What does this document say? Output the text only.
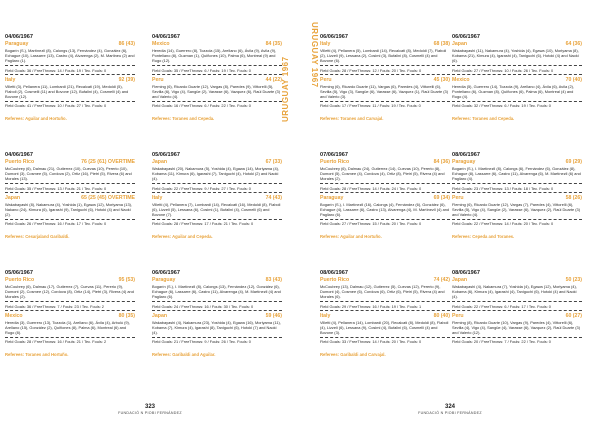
URUGUAY 1967
04/06/1967
Paraguay	86 (43)
Bogarín (S.), Martínezll (8), Calongs (13), Fernández (4), González (6), Echague (10), Lassarre (13), Castro (4), Alvarenga (2), M. Martineu (2) and Pagliaro (1).
Field Goals: 36 / FreeThrows: 14 / Fouls: 19 / Tec. Fouls: 0
Italy	92 (39)
Villetti (3), Pellanera (11), Lombardi (21), Recalcati (19), Medoldi (5), Flaboli (2), Cosmelli (11) and Bovone (12), Bufalini (4), Cosmelli (4) and Bovone (12).
Field Goals: 41 / FreeThrows: 10 / Fouls: 27 / Tec. Fouls: 0
Referees: Aguilar and Hortuño.
04/06/1967
Puerto Rico	76 (25 (61) OVERTIME
McCoubrey (6), Dalmau (21), Gutierrez (10), Cuevas (10), Pererio (10), Dumont (3), Cosmee (5), Cordova (2), Ortiz (16), Pietri (5), Rivera (6) and Morales (13).
Field Goals: 35 / FreeThrows: 13 / Fouls: 21 / Tec. Fouls: 0
Japan	65 (25 (45) OVERTIME
Wakabayashi (8), Nakamura (4), Yoshida (1), Egawa (12), Moriyama (13), Nakano (24), Kimura (6), Igarashi (9), Taniguchi (6), Hotoki (4) and Naoki (2).
Field Goals: 26 / FreeThrows: 16 / Fouls: 17 / Tec. Fouls: 0
Referees: Cesarjaland Garibaldi.
05/06/1967
Puerto Rico	95 (53)
McCoubrey (6), Dalmau (17), Gutierrez (7), Cuevas (11), Pererio (9), Dumont (2), Cosmee (12), Cordova (8), Ortiz (14), Pietri (3), Rivera (4) and Morales (2).
Field Goals: 36 / FreeThrows: 7 / Fouls: 23 / Tec. Fouls: 2
Mexico	80 (35)
Heredia (3), Guerrero (13), Tozzola (1), Arellano (6), Ávila (4), Arbulú (9), Arellano (15), González (2), Quiñones (8), Palma (6), Montreal (6) and Rugo (8).
Field Goals: 28 / FreeThrows: 16 / Fouls: 21 / Tec. Fouls: 2
Referees: Toranes and Hortuño.
04/06/1967
Mexico	84 (35)
Heredia (14), Guerrero (8), Tozzola (15), Arellano (6), Ávila (9), Avila (9), Ponteliano (8), Guzman (1), Quiñones (10), Palma (6), Montreal (9) and Rugo (12).
Field Goals: 35 / FreeThrows: 6 / Fouls: 19 / Tec. Fouls: 0
Peru	44 (22)
Fleming (6), Ricardo Duarte (12), Vargas (8), Paredes (9), Vittorelli (5), Sevilla (6), Vigo (4), Sangüe (2), Varasse (6), Vazquez (6), Raúl Duarte (3) and Valerio (4).
Field Goals: 16 / FreeThrows: 6 / Fouls: 22 / Tec. Fouls: 0
Referees: Toranes and Cepeda.
05/06/1967
Japan	67 (33)
Wakabayashi (20), Nakamura (5), Yoshida (4), Egawa (14), Moriyama (4), Kobama (11), Kimura (6), Igarashi (7), Taniguchi (4), Hotoki (2) and Naoki (4).
Field Goals: 22 / FreeThrows: 9 / Fouls: 27 / Tec. Fouls: 0
Italy	74 (43)
Villetti (4), Pellanera (7), Lombardi (14), Recalcati (16), Medoldi (8), Flaboli (6), Lizzeli (5), Lessana (6), Cosimi (1), Bufalini (4), Cosmelli (6) and Bovone (7).
Field Goals: 28 / FreeThrows: 17 / Fouls: 21 / Tec. Fouls: 0
Referees: Aguilar and Cepeda.
06/06/1967
Paraguay	83 (43)
Bogarín (S.), I. Martínezll (8), Calongs (13), Fernández (12), González (6), Echague (6), Lassarre (6), Castro (11), Alvarenga (4), M. Martínezll (4) and Pagliaro (6).
Field Goals: 24 / FreeThrows: 16 / Fouls: 30 / Tec. Fouls: 0
Japan	59 (46)
Wakabayashi (4), Nakamura (23), Yoshida (4), Egawa (16), Moriyama (11), Kobama (7), Kimura (4), Igarashi (8), Taniguchi (6), Hotoki (7) and Naoki (4).
Field Goals: 21 / FreeThrows: 9 / Fouls: 26 / Tec. Fouls: 0
Referees: Garibaldi and Aguilar.
323
FUNDACIÓ N PIOBI FERNÁNDEZ
URUGUAY 1967 06/06/1967
Italy	68 (38)
Villetti (4), Pellanera (5), Lombardi (14), Recalcati (8), Medoldi (7), Flaboli (2), Lizzeli (9), Lessana (2), Cosimi (3), Bufalini (8), Cosmelli (4) and Bovone (6).
Field Goals: 28 / FreeThrows: 12 / Fouls: 20 / Tec. Fouls: 0
Peru	45 (30)
Fleming (6), Ricardo Duarte (11), Vargas (6), Paredes (4), Vittorelli (6), Sevilla (5), Vigo (3), Sangüe (6), Varasse (6), Vazquez (1), Raúl Duarte (3) and Valerio (3).
Field Goals: 17 / FreeThrows: 11 / Fouls: 19 / Tec. Fouls: 0
Referees: Toranes and Carvajal.
07/06/1967
Puerto Rico	84 (36)
McCoubrey (6), Dalmau (24), Gutierrez (14), Cuevas (10), Pererio (8), Dumont (5), Cosmee (4), Cordova (4), Ortiz (8), Pietri (5), Rivera (4) and Morales (2).
Field Goals: 28 / FreeThrows: 14 / Fouls: 24 / Tec. Fouls: 0
Paraguay	69 (34)
Bogarín (S.), I. Martínezll (16), Calongs (4), Fernández (6), González (6), Echague (4), Lassarre (6), Castro (13), Alvarenga (4), M. Martínezll (4) and Pagliaro (6).
Field Goals: 27 / FreeThrows: 15 / Fouls: 20 / Tec. Fouls: 0
Referees: Aguilar and Hortuño.
08/06/1967
Puerto Rico	74 (42)
McCoubrey (13), Dalmau (12), Gutierrez (5), Cuevas (12), Pererio (9), Dumont (4), Cosmee (6), Cordova (6), Ortiz (6), Pietri (5), Rivera (4) and Morales (6).
Field Goals: 29 / FreeThrows: 16 / Fouls: 19 / Tec. Fouls: 1
Italy	80 (40)
Villetti (4), Pellanera (14), Lombardi (20), Recalcati (8), Medoldi (8), Flaboli (4), Lizzeli (6), Lessana (9), Cosimi (4), Bufalini (6), Cosmelli (4) and Bovone (3).
Field Goals: 33 / FreeThrows: 14 / Fouls: 20 / Tec. Fouls: 0
Referees: Garibaldi and Carvajal.
06/06/1967
Japan	64 (36)
Wakabayashi (11), Nakamura (4), Yoshida (4), Egawa (10), Moriyama (8), Kobama (21), Kimura (4), Igarashi (4), Taniguchi (6), Hotoki (4) and Naoki (6).
Field Goals: 27 / FreeThrows: 10 / Fouls: 26 / Tec. Fouls: 0
Mexico	70 (40)
Heredia (5), Guerrero (14), Tozzola (9), Arellano (4), Ávila (6), Avila (2), Ponteliano (6), Guzman (8), Quiñones (6), Palma (6), Montreal (4) and Rugo (4).
Field Goals: 32 / FreeThrows: 6 / Fouls: 19 / Tec. Fouls: 0
Referees: Toranes and Cepeda.
08/06/1967
Paraguay	69 (29)
Bogarín (S.), I. Martínezll (8), Calongs (6), Fernández (6), González (8), Echague (8), Lassarre (6), Castro (11), Alvarenga (6), M. Martínezll (6) and Pagliaro (4).
Field Goals: 23 / FreeThrows: 13 / Fouls: 18 / Tec. Fouls: 0
Peru	58 (26)
Fleming (6), Ricardo Duarte (12), Vargas (7), Paredes (4), Vittorelli (6), Sevilla (5), Vigo (4), Sangüe (2), Varasse (6), Vazquez (2), Raúl Duarte (3) and Valerio (4).
Field Goals: 22 / FreeThrows: 14 / Fouls: 20 / Tec. Fouls: 0
Referees: Cepeda and Toranes.
08/06/1967
Japan	50 (23)
Wakabayashi (4), Nakamura (7), Yoshida (4), Egawa (12), Moriyama (4), Kobama (6), Kimura (4), Igarashi (4), Taniguchi (6), Hotoki (4) and Naoki (4).
Field Goals: 22 / FreeThrows: 6 / Fouls: 17 / Tec. Fouls: 0
Peru	60 (27)
Fleming (8), Ricardo Duarte (10), Vargas (9), Paredes (4), Vittorelli (6), Sevilla (4), Vigo (4), Sangüe (4), Varasse (6), Vazquez (2), Raúl Duarte (3) and Valerio (12).
Field Goals: 20 / FreeThrows: 7 / Fouls: 22 / Tec. Fouls: 0
324
FUNDACIÓ N PIOBI FERNÁNDEZ
